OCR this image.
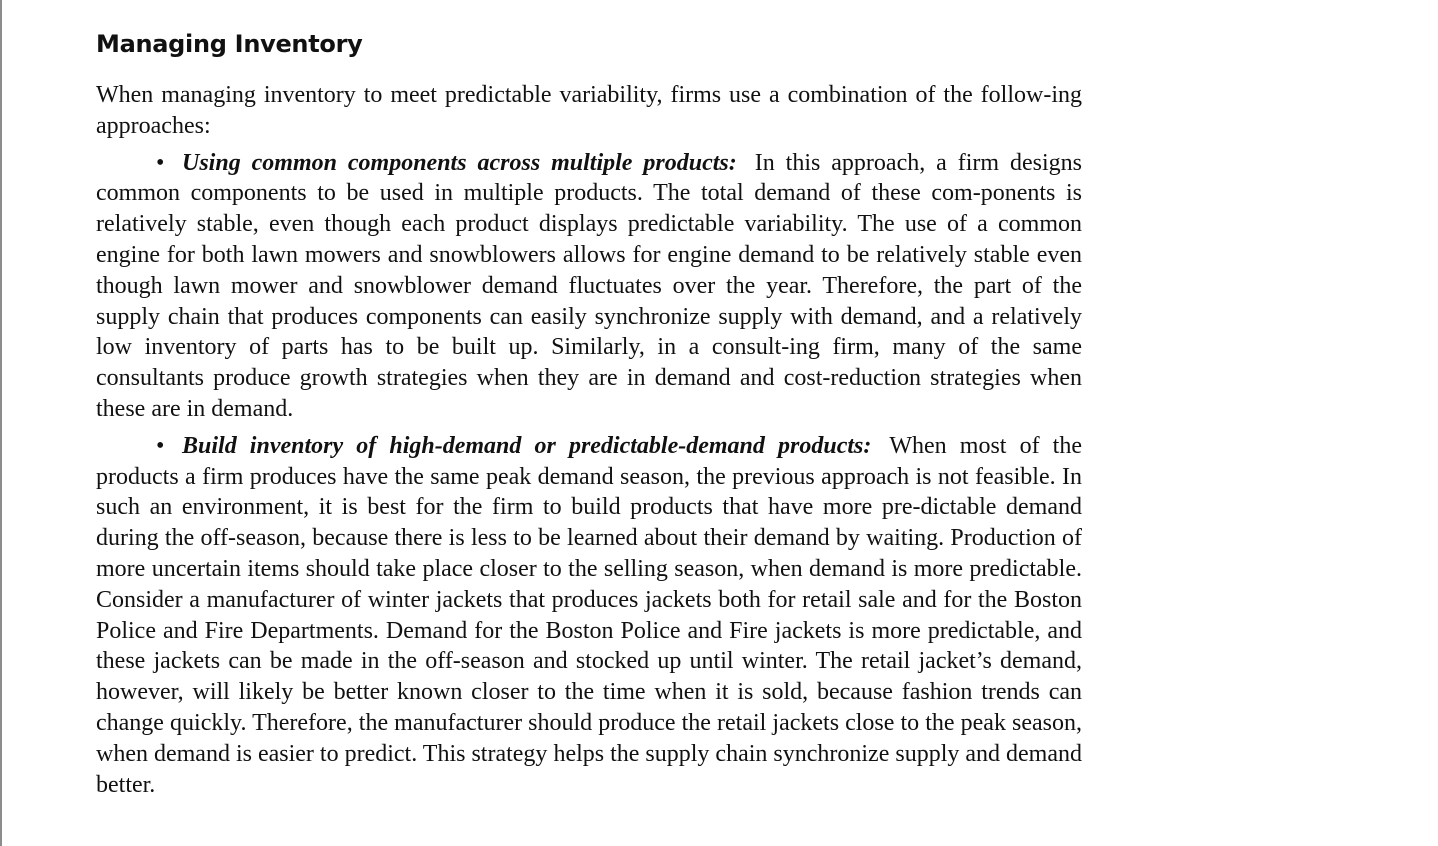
Managing Inventory

When managing inventory to meet predictable variability, firms use a combination of the follow-ing approaches:

• Using common components across multiple products: In this approach, a firm designs common components to be used in multiple products. The total demand of these com-ponents is relatively stable, even though each product displays predictable variability. The use of a common engine for both lawn mowers and snowblowers allows for engine demand to be relatively stable even though lawn mower and snowblower demand fluctuates over the year. Therefore, the part of the supply chain that produces components can easily synchronize supply with demand, and a relatively low inventory of parts has to be built up. Similarly, in a consult-ing firm, many of the same consultants produce growth strategies when they are in demand and cost-reduction strategies when these are in demand.

• Build inventory of high-demand or predictable-demand products: When most of the products a firm produces have the same peak demand season, the previous approach is not feasible. In such an environment, it is best for the firm to build products that have more pre-dictable demand during the off-season, because there is less to be learned about their demand by waiting. Production of more uncertain items should take place closer to the selling season, when demand is more predictable. Consider a manufacturer of winter jackets that produces jackets both for retail sale and for the Boston Police and Fire Departments. Demand for the Boston Police and Fire jackets is more predictable, and these jackets can be made in the off-season and stocked up until winter. The retail jacket’s demand, however, will likely be better known closer to the time when it is sold, because fashion trends can change quickly. Therefore, the manufacturer should produce the retail jackets close to the peak season, when demand is easier to predict. This strategy helps the supply chain synchronize supply and demand better.
